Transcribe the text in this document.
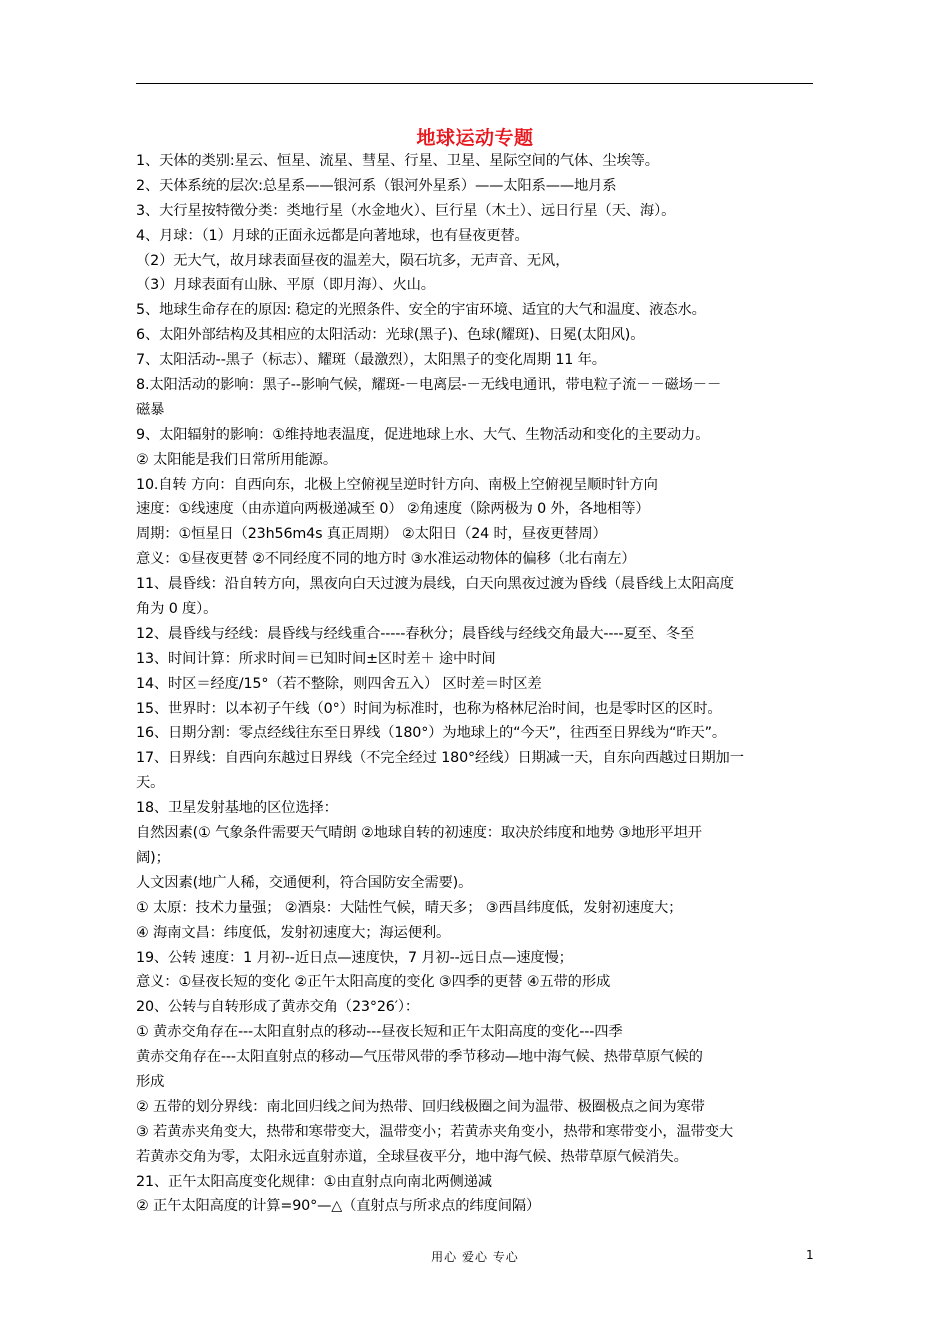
地球运动专题
1、天体的类别:星云、恒星、流星、彗星、行星、卫星、星际空间的气体、尘埃等。
2、天体系统的层次:总星系——银河系（银河外星系）——太阳系——地月系
3、大行星按特徵分类：类地行星（水金地火）、巨行星（木土）、远日行星（天、海）。
4、月球：（1）月球的正面永远都是向著地球，也有昼夜更替。
（2）无大气，故月球表面昼夜的温差大，陨石坑多，无声音、无风，
（3）月球表面有山脉、平原（即月海）、火山。
5、地球生命存在的原因: 稳定的光照条件、安全的宇宙环境、适宜的大气和温度、液态水。
6、太阳外部结构及其相应的太阳活动：光球(黑子)、色球(耀斑)、日冕(太阳风)。
7、太阳活动--黑子（标志）、耀斑（最激烈），太阳黑子的变化周期 11 年。
8.太阳活动的影响：黑子--影响气候，耀斑-－电离层-－无线电通讯，带电粒子流－－磁场－－
磁暴
9、太阳辐射的影响：①维持地表温度，促进地球上水、大气、生物活动和变化的主要动力。
② 太阳能是我们日常所用能源。
10.自转 方向：自西向东，北极上空俯视呈逆时针方向、南极上空俯视呈顺时针方向
速度：①线速度（由赤道向两极递减至 0） ②角速度（除两极为 0 外，各地相等）
周期：①恒星日（23h56m4s 真正周期） ②太阳日（24 时，昼夜更替周）
意义：①昼夜更替 ②不同经度不同的地方时 ③水准运动物体的偏移（北右南左）
11、晨昏线：沿自转方向，黑夜向白天过渡为晨线，白天向黑夜过渡为昏线（晨昏线上太阳高度
角为 0 度）。
12、晨昏线与经线：晨昏线与经线重合-----春秋分；晨昏线与经线交角最大----夏至、冬至
13、时间计算：所求时间＝已知时间±区时差＋ 途中时间
14、时区＝经度/15°（若不整除，则四舍五入） 区时差＝时区差
15、世界时：以本初子午线（0°）时间为标准时，也称为格林尼治时间，也是零时区的区时。
16、日期分割：零点经线往东至日界线（180°）为地球上的“今天”，往西至日界线为“昨天”。
17、日界线：自西向东越过日界线（不完全经过 180°经线）日期减一天，自东向西越过日期加一
天。
18、卫星发射基地的区位选择：
自然因素(① 气象条件需要天气晴朗 ②地球自转的初速度：取决於纬度和地势 ③地形平坦开
阔)；
人文因素(地广人稀，交通便利，符合国防安全需要)。
① 太原：技术力量强； ②酒泉：大陆性气候，晴天多； ③西昌纬度低，发射初速度大；
④ 海南文昌：纬度低，发射初速度大；海运便利。
19、公转 速度：1 月初--近日点—速度快，7 月初--远日点—速度慢；
意义：①昼夜长短的变化 ②正午太阳高度的变化 ③四季的更替 ④五带的形成
20、公转与自转形成了黄赤交角（23°26′）：
① 黄赤交角存在---太阳直射点的移动---昼夜长短和正午太阳高度的变化---四季
黄赤交角存在---太阳直射点的移动—气压带风带的季节移动—地中海气候、热带草原气候的
形成
② 五带的划分界线：南北回归线之间为热带、回归线极圈之间为温带、极圈极点之间为寒带
③ 若黄赤夹角变大，热带和寒带变大，温带变小；若黄赤夹角变小，热带和寒带变小，温带变大
若黄赤交角为零，太阳永远直射赤道，全球昼夜平分，地中海气候、热带草原气候消失。
21、正午太阳高度变化规律：①由直射点向南北两侧递减
② 正午太阳高度的计算=90°—△（直射点与所求点的纬度间隔）
用心 爱心 专心	1
